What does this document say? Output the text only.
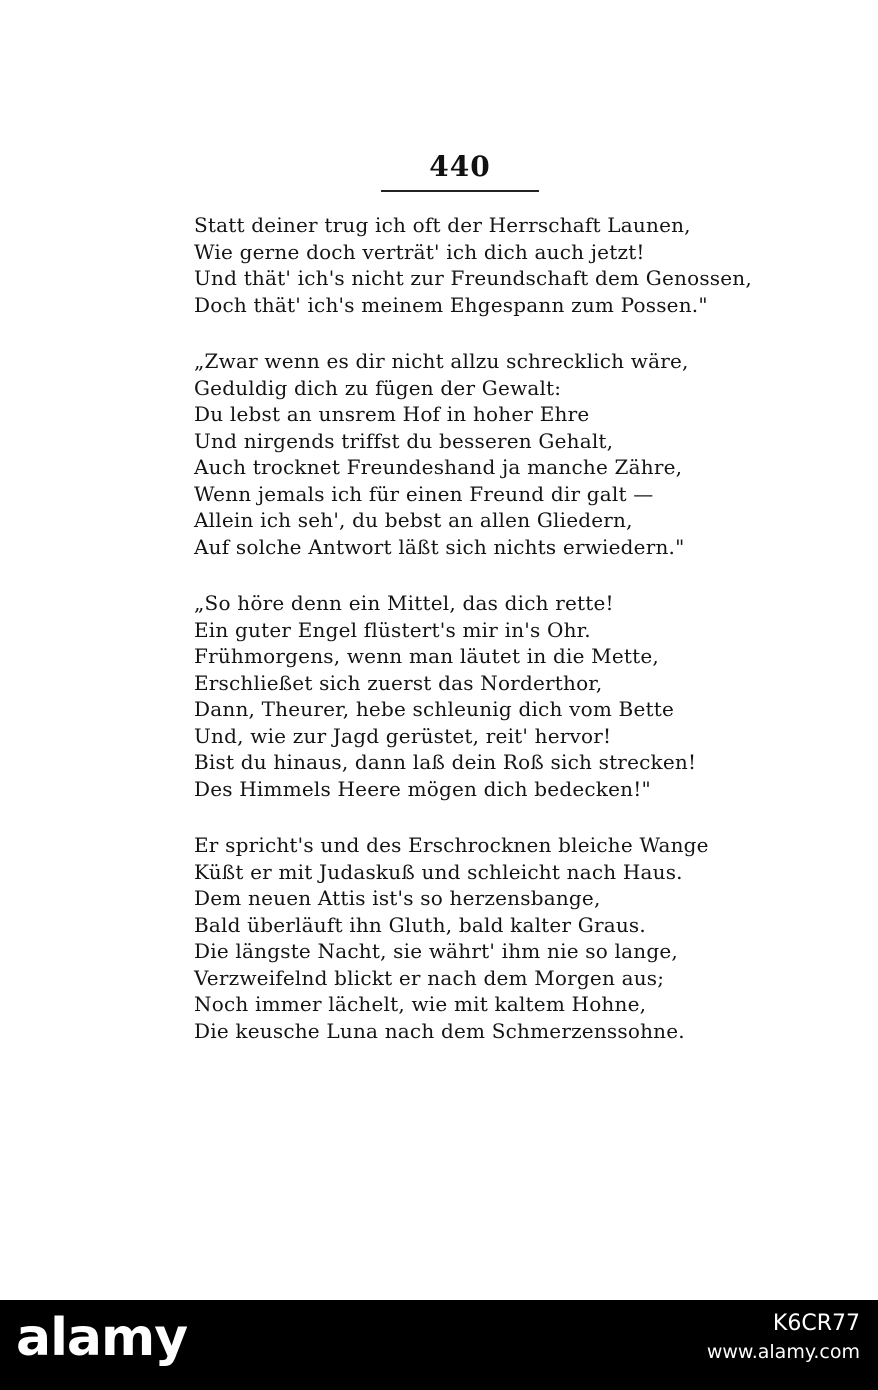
440
Statt deiner trug ich oft der Herrschaft Launen,
Wie gerne doch verträt' ich dich auch jetzt!
Und thät' ich's nicht zur Freundschaft dem Genossen,
Doch thät' ich's meinem Ehgespann zum Possen."
„Zwar wenn es dir nicht allzu schrecklich wäre,
Geduldig dich zu fügen der Gewalt:
Du lebst an unsrem Hof in hoher Ehre
Und nirgends triffst du besseren Gehalt,
Auch trocknet Freundeshand ja manche Zähre,
Wenn jemals ich für einen Freund dir galt —
Allein ich seh', du bebst an allen Gliedern,
Auf solche Antwort läßt sich nichts erwiedern."
„So höre denn ein Mittel, das dich rette!
Ein guter Engel flüstert's mir in's Ohr.
Frühmorgens, wenn man läutet in die Mette,
Erschließet sich zuerst das Norderthor,
Dann, Theurer, hebe schleunig dich vom Bette
Und, wie zur Jagd gerüstet, reit' hervor!
Bist du hinaus, dann laß dein Roß sich strecken!
Des Himmels Heere mögen dich bedecken!"
Er spricht's und des Erschrocknen bleiche Wange
Küßt er mit Judaskuß und schleicht nach Haus.
Dem neuen Attis ist's so herzensbange,
Bald überläuft ihn Gluth, bald kalter Graus.
Die längste Nacht, sie währt' ihm nie so lange,
Verzweifelnd blickt er nach dem Morgen aus;
Noch immer lächelt, wie mit kaltem Hohne,
Die keusche Luna nach dem Schmerzenssohne.
alamy	K6CR77
www.alamy.com
